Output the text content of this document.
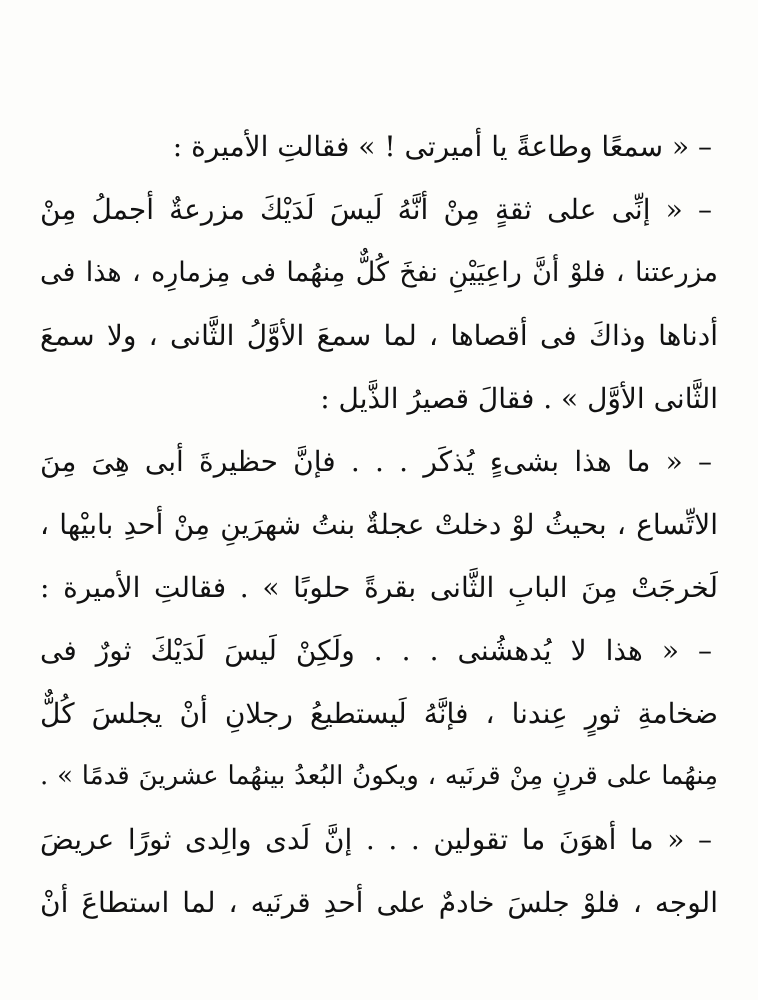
– « سمعًا وطاعةً يا أميرتى ! » فقالتِ الأميرة :
– « إنِّى على ثقةٍ مِنْ أنَّهُ لَيسَ لَدَيْكَ مزرعةٌ أجملُ مِنْ
مزرعتنا ، فلوْ أنَّ راعِيَيْنِ نفخَ كُلٌّ مِنهُما فى مِزمارِه ، هذا فى
أدناها وذاكَ فى أقصاها ، لما سمعَ الأوَّلُ الثَّانى ، ولا سمعَ
الثَّانى الأوَّل » . فقالَ قصيرُ الذَّيل :
– « ما هذا بشىءٍ يُذكَر . . . فإنَّ حظيرةَ أبى هِىَ مِنَ
الاتِّساع ، بحيثُ لوْ دخلتْ عجلةٌ بنتُ شهرَينِ مِنْ أحدِ بابيْها ،
لَخرجَتْ مِنَ البابِ الثَّانى بقرةً حلوبًا » . فقالتِ الأميرة :
– « هذا لا يُدهشُنى . . . ولَكِنْ لَيسَ لَدَيْكَ ثورٌ فى
ضخامةِ ثورٍ عِندنا ، فإنَّهُ لَيستطيعُ رجلانِ أنْ يجلسَ كُلٌّ
مِنهُما على قرنٍ مِنْ قرنَيه ، ويكونُ البُعدُ بينهُما عشرينَ قدمًا » .
– « ما أهوَنَ ما تقولين . . . إنَّ لَدى والِدى ثورًا عريضَ
الوجه ، فلوْ جلسَ خادمٌ على أحدِ قرنَيه ، لما استطاعَ أنْ
